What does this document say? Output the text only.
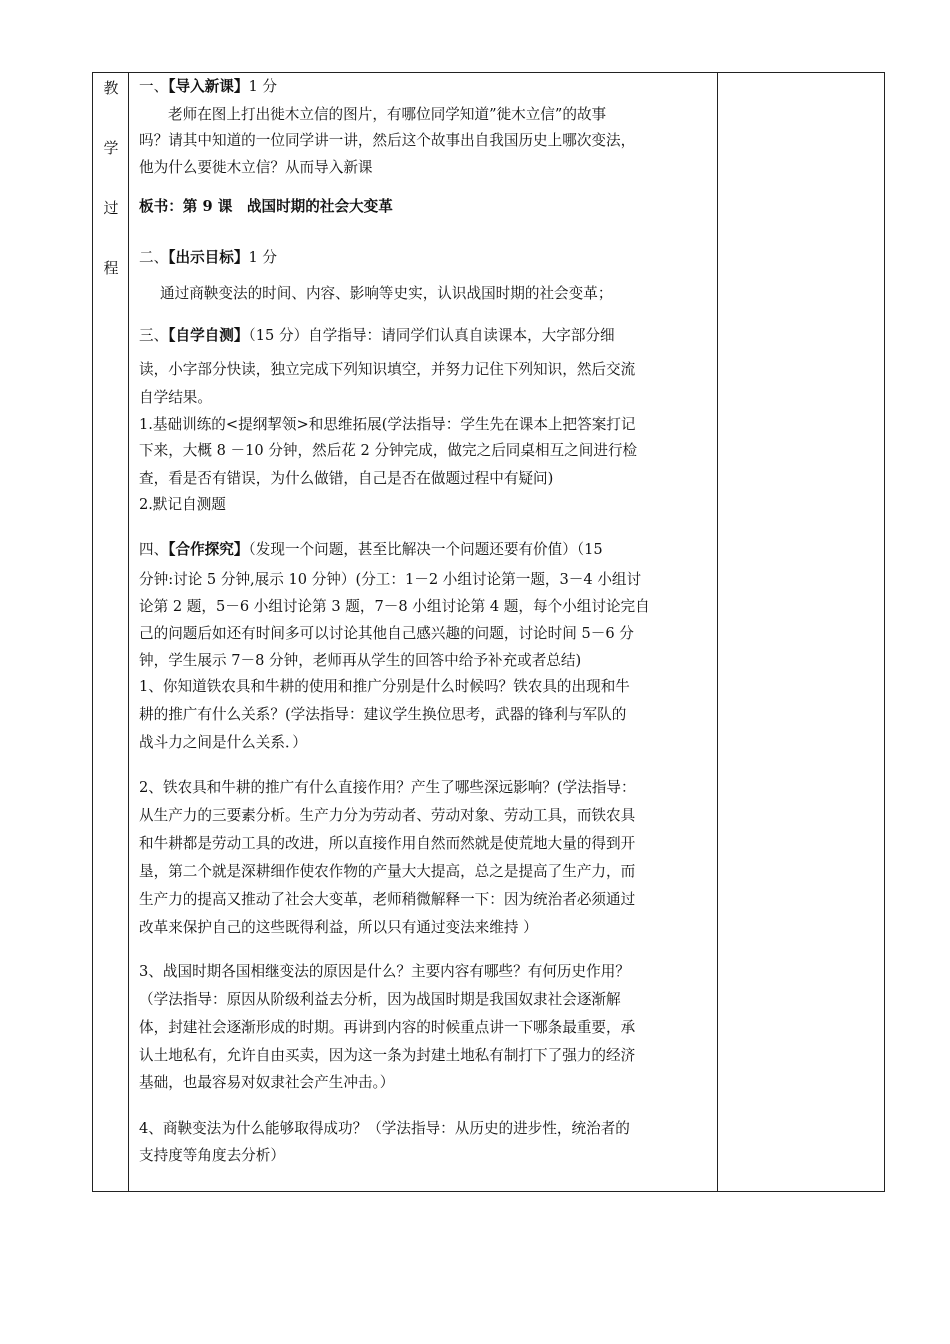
教
学
过
程
一、【导入新课】1 分
老师在图上打出徙木立信的图片，有哪位同学知道”徙木立信”的故事
吗？请其中知道的一位同学讲一讲，然后这个故事出自我国历史上哪次变法，
他为什么要徙木立信？从而导入新课
板书：第 9 课　战国时期的社会大变革
二、【出示目标】1 分
通过商鞅变法的时间、内容、影响等史实，认识战国时期的社会变革；
三、【自学自测】（15 分）自学指导：请同学们认真自读课本，大字部分细
读，小字部分快读，独立完成下列知识填空，并努力记住下列知识，然后交流
自学结果。
1.基础训练的<提纲挈领>和思维拓展(学法指导：学生先在课本上把答案打记
下来，大概 8 －10 分钟，然后花 2 分钟完成，做完之后同桌相互之间进行检
查，看是否有错误，为什么做错，自己是否在做题过程中有疑问)
2.默记自测题
四、【合作探究】（发现一个问题，甚至比解决一个问题还要有价值）（15
分钟:讨论 5 分钟,展示 10 分钟）(分工：1－2 小组讨论第一题，3－4 小组讨
论第 2 题，5－6 小组讨论第 3 题，7－8 小组讨论第 4 题，每个小组讨论完自
己的问题后如还有时间多可以讨论其他自己感兴趣的问题，讨论时间 5－6 分
钟，学生展示 7－8 分钟，老师再从学生的回答中给予补充或者总结)
1、你知道铁农具和牛耕的使用和推广分别是什么时候吗？铁农具的出现和牛
耕的推广有什么关系？(学法指导：建议学生换位思考，武器的锋利与军队的
战斗力之间是什么关系．）
2、铁农具和牛耕的推广有什么直接作用？产生了哪些深远影响？(学法指导：
从生产力的三要素分析。生产力分为劳动者、劳动对象、劳动工具，而铁农具
和牛耕都是劳动工具的改进，所以直接作用自然而然就是使荒地大量的得到开
垦，第二个就是深耕细作使农作物的产量大大提高，总之是提高了生产力，而
生产力的提高又推动了社会大变革，老师稍微解释一下：因为统治者必须通过
改革来保护自己的这些既得利益，所以只有通过变法来维持 ）
3、战国时期各国相继变法的原因是什么？主要内容有哪些？有何历史作用？
（学法指导：原因从阶级利益去分析，因为战国时期是我国奴隶社会逐渐解
体，封建社会逐渐形成的时期。再讲到内容的时候重点讲一下哪条最重要，承
认土地私有，允许自由买卖，因为这一条为封建土地私有制打下了强力的经济
基础，也最容易对奴隶社会产生冲击。）
4、商鞅变法为什么能够取得成功？（学法指导：从历史的进步性，统治者的
支持度等角度去分析）
